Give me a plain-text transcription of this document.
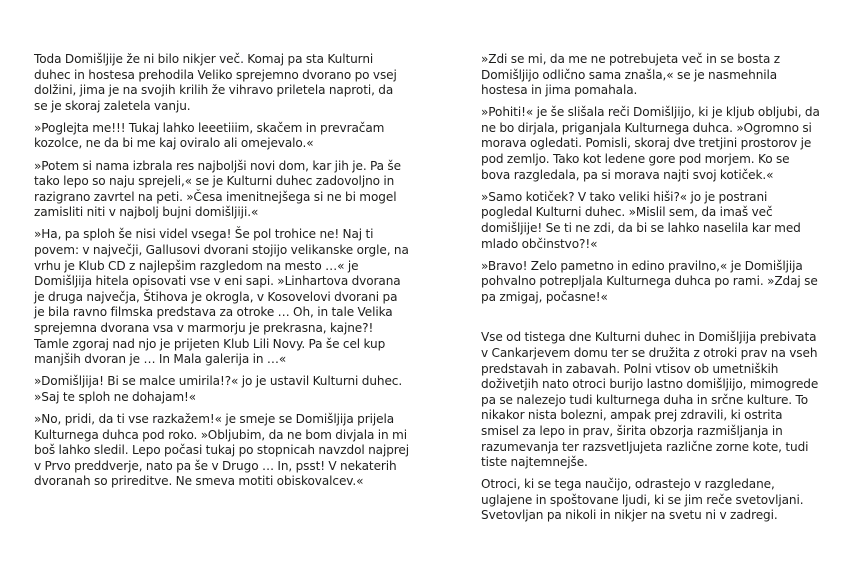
Toda Domišljije že ni bilo nikjer več. Komaj pa sta Kulturni duhec in hostesa prehodila Veliko sprejemno dvorano po vsej dolžini, jima je na svojih krilih že vihravo priletela naproti, da se je skoraj zaletela vanju.

»Poglejta me!!! Tukaj lahko leeetiiim, skačem in prevračam kozolce, ne da bi me kaj oviralo ali omejevalo.«

»Potem si nama izbrala res najboljši novi dom, kar jih je. Pa še tako lepo so naju sprejeli,« se je Kulturni duhec zadovoljno in razigrano zavrtel na peti. »Česa imenitnejšega si ne bi mogel zamisliti niti v najbolj bujni domišljiji.«

»Ha, pa sploh še nisi videl vsega! Še pol trohice ne! Naj ti povem: v največji, Gallusovi dvorani stojijo velikanske orgle, na vrhu je Klub CD z najlepšim razgledom na mesto …« je Domišljija hitela opisovati vse v eni sapi. »Linhartova dvorana je druga največja, Štihova je okrogla, v Kosovelovi dvorani pa je bila ravno filmska predstava za otroke … Oh, in tale Velika sprejemna dvorana vsa v marmorju je prekrasna, kajne?! Tamle zgoraj nad njo je prijeten Klub Lili Novy. Pa še cel kup manjših dvoran je … In Mala galerija in …«

»Domišljija! Bi se malce umirila!?« jo je ustavil Kulturni duhec. »Saj te sploh ne dohajam!«

»No, pridi, da ti vse razkažem!« je smeje se Domišljija prijela Kulturnega duhca pod roko. »Obljubim, da ne bom divjala in mi boš lahko sledil. Lepo počasi tukaj po stopnicah navzdol najprej v Prvo preddverje, nato pa še v Drugo … In, psst! V nekaterih dvoranah so prireditve. Ne smeva motiti obiskovalcev.«

»Zdi se mi, da me ne potrebujeta več in se bosta z Domišljijo odlično sama znašla,« se je nasmehnila hostesa in jima pomahala.

»Pohiti!« je še slišala reči Domišljijo, ki je kljub obljubi, da ne bo dirjala, priganjala Kulturnega duhca. »Ogromno si morava ogledati. Pomisli, skoraj dve tretjini prostorov je pod zemljo. Tako kot ledene gore pod morjem. Ko se bova razgledala, pa si morava najti svoj kotiček.«

»Samo kotiček? V tako veliki hiši?« jo je postrani pogledal Kulturni duhec. »Mislil sem, da imaš več domišljije! Se ti ne zdi, da bi se lahko naselila kar med mlado občinstvo?!«

»Bravo! Zelo pametno in edino pravilno,« je Domišljija pohvalno potrepljala Kulturnega duhca po rami. »Zdaj se pa zmigaj, počasne!«

Vse od tistega dne Kulturni duhec in Domišljija prebivata v Cankarjevem domu ter se družita z otroki prav na vseh predstavah in zabavah. Polni vtisov ob umetniških doživetjih nato otroci burijo lastno domišljijo, mimogrede pa se nalezejo tudi kulturnega duha in srčne kulture. To nikakor nista bolezni, ampak prej zdravili, ki ostrita smisel za lepo in prav, širita obzorja razmišljanja in razumevanja ter razsvetljujeta različne zorne kote, tudi tiste najtemnejše.

Otroci, ki se tega naučijo, odrastejo v razgledane, uglajene in spoštovane ljudi, ki se jim reče svetovljani. Svetovljan pa nikoli in nikjer na svetu ni v zadregi.
